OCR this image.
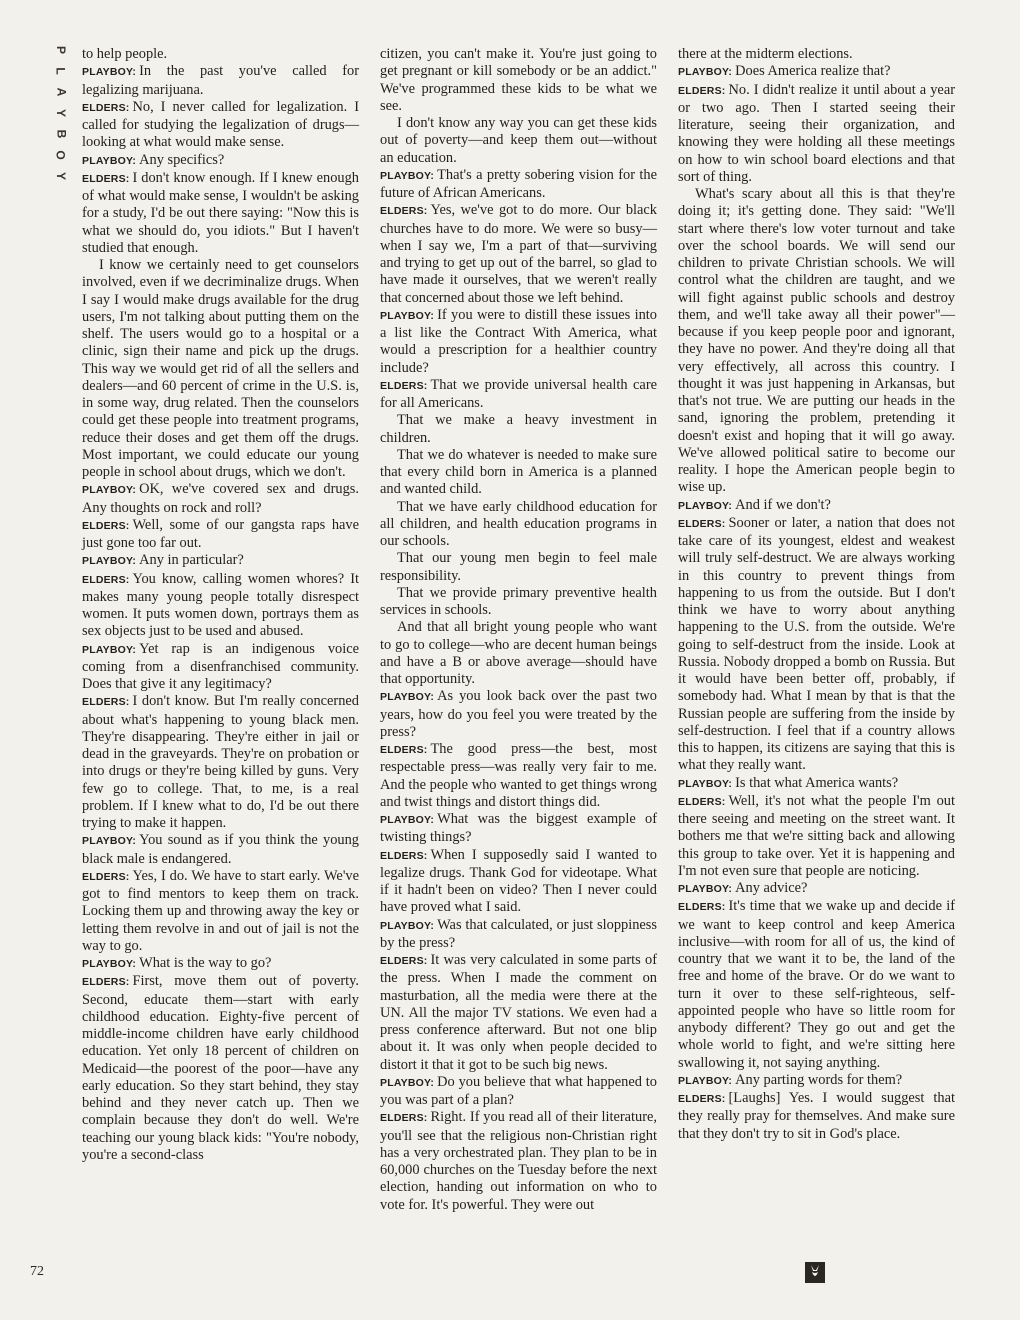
P
L
A
Y
B
O
Y
72

to help people.

PLAYBOY: In the past you've called for legalizing marijuana.

ELDERS: No, I never called for legalization. I called for studying the legalization of drugs—looking at what would make sense.

PLAYBOY: Any specifics?

ELDERS: I don't know enough. If I knew enough of what would make sense, I wouldn't be asking for a study, I'd be out there saying: "Now this is what we should do, you idiots." But I haven't studied that enough.

I know we certainly need to get counselors involved, even if we decriminalize drugs. When I say I would make drugs available for the drug users, I'm not talking about putting them on the shelf. The users would go to a hospital or a clinic, sign their name and pick up the drugs. This way we would get rid of all the sellers and dealers—and 60 percent of crime in the U.S. is, in some way, drug related. Then the counselors could get these people into treatment programs, reduce their doses and get them off the drugs. Most important, we could educate our young people in school about drugs, which we don't.

PLAYBOY: OK, we've covered sex and drugs. Any thoughts on rock and roll?

ELDERS: Well, some of our gangsta raps have just gone too far out.

PLAYBOY: Any in particular?

ELDERS: You know, calling women whores? It makes many young people totally disrespect women. It puts women down, portrays them as sex objects just to be used and abused.

PLAYBOY: Yet rap is an indigenous voice coming from a disenfranchised community. Does that give it any legitimacy?

ELDERS: I don't know. But I'm really concerned about what's happening to young black men. They're disappearing. They're either in jail or dead in the graveyards. They're on probation or into drugs or they're being killed by guns. Very few go to college. That, to me, is a real problem. If I knew what to do, I'd be out there trying to make it happen.

PLAYBOY: You sound as if you think the young black male is endangered.

ELDERS: Yes, I do. We have to start early. We've got to find mentors to keep them on track. Locking them up and throwing away the key or letting them revolve in and out of jail is not the way to go.

PLAYBOY: What is the way to go?

ELDERS: First, move them out of poverty. Second, educate them—start with early childhood education. Eighty-five percent of middle-income children have early childhood education. Yet only 18 percent of children on Medicaid—the poorest of the poor—have any early education. So they start behind, they stay behind and they never catch up. Then we complain because they don't do well. We're teaching our young black kids: "You're nobody, you're a second-class

citizen, you can't make it. You're just going to get pregnant or kill somebody or be an addict." We've programmed these kids to be what we see.

I don't know any way you can get these kids out of poverty—and keep them out—without an education.

PLAYBOY: That's a pretty sobering vision for the future of African Americans.

ELDERS: Yes, we've got to do more. Our black churches have to do more. We were so busy—when I say we, I'm a part of that—surviving and trying to get up out of the barrel, so glad to have made it ourselves, that we weren't really that concerned about those we left behind.

PLAYBOY: If you were to distill these issues into a list like the Contract With America, what would a prescription for a healthier country include?

ELDERS: That we provide universal health care for all Americans.

That we make a heavy investment in children.

That we do whatever is needed to make sure that every child born in America is a planned and wanted child.

That we have early childhood education for all children, and health education programs in our schools.

That our young men begin to feel male responsibility.

That we provide primary preventive health services in schools.

And that all bright young people who want to go to college—who are decent human beings and have a B or above average—should have that opportunity.

PLAYBOY: As you look back over the past two years, how do you feel you were treated by the press?

ELDERS: The good press—the best, most respectable press—was really very fair to me. And the people who wanted to get things wrong and twist things and distort things did.

PLAYBOY: What was the biggest example of twisting things?

ELDERS: When I supposedly said I wanted to legalize drugs. Thank God for videotape. What if it hadn't been on video? Then I never could have proved what I said.

PLAYBOY: Was that calculated, or just sloppiness by the press?

ELDERS: It was very calculated in some parts of the press. When I made the comment on masturbation, all the media were there at the UN. All the major TV stations. We even had a press conference afterward. But not one blip about it. It was only when people decided to distort it that it got to be such big news.

PLAYBOY: Do you believe that what happened to you was part of a plan?

ELDERS: Right. If you read all of their literature, you'll see that the religious non-Christian right has a very orchestrated plan. They plan to be in 60,000 churches on the Tuesday before the next election, handing out information on who to vote for. It's powerful. They were out

there at the midterm elections.

PLAYBOY: Does America realize that?

ELDERS: No. I didn't realize it until about a year or two ago. Then I started seeing their literature, seeing their organization, and knowing they were holding all these meetings on how to win school board elections and that sort of thing.

What's scary about all this is that they're doing it; it's getting done. They said: "We'll start where there's low voter turnout and take over the school boards. We will send our children to private Christian schools. We will control what the children are taught, and we will fight against public schools and destroy them, and we'll take away all their power"—because if you keep people poor and ignorant, they have no power. And they're doing all that very effectively, all across this country. I thought it was just happening in Arkansas, but that's not true. We are putting our heads in the sand, ignoring the problem, pretending it doesn't exist and hoping that it will go away. We've allowed political satire to become our reality. I hope the American people begin to wise up.

PLAYBOY: And if we don't?

ELDERS: Sooner or later, a nation that does not take care of its youngest, eldest and weakest will truly self-destruct. We are always working in this country to prevent things from happening to us from the outside. But I don't think we have to worry about anything happening to the U.S. from the outside. We're going to self-destruct from the inside. Look at Russia. Nobody dropped a bomb on Russia. But it would have been better off, probably, if somebody had. What I mean by that is that the Russian people are suffering from the inside by self-destruction. I feel that if a country allows this to happen, its citizens are saying that this is what they really want.

PLAYBOY: Is that what America wants?

ELDERS: Well, it's not what the people I'm out there seeing and meeting on the street want. It bothers me that we're sitting back and allowing this group to take over. Yet it is happening and I'm not even sure that people are noticing.

PLAYBOY: Any advice?

ELDERS: It's time that we wake up and decide if we want to keep control and keep America inclusive—with room for all of us, the kind of country that we want it to be, the land of the free and home of the brave. Or do we want to turn it over to these self-righteous, self-appointed people who have so little room for anybody different? They go out and get the whole world to fight, and we're sitting here swallowing it, not saying anything.

PLAYBOY: Any parting words for them?

ELDERS: [Laughs] Yes. I would suggest that they really pray for themselves. And make sure that they don't try to sit in God's place.
